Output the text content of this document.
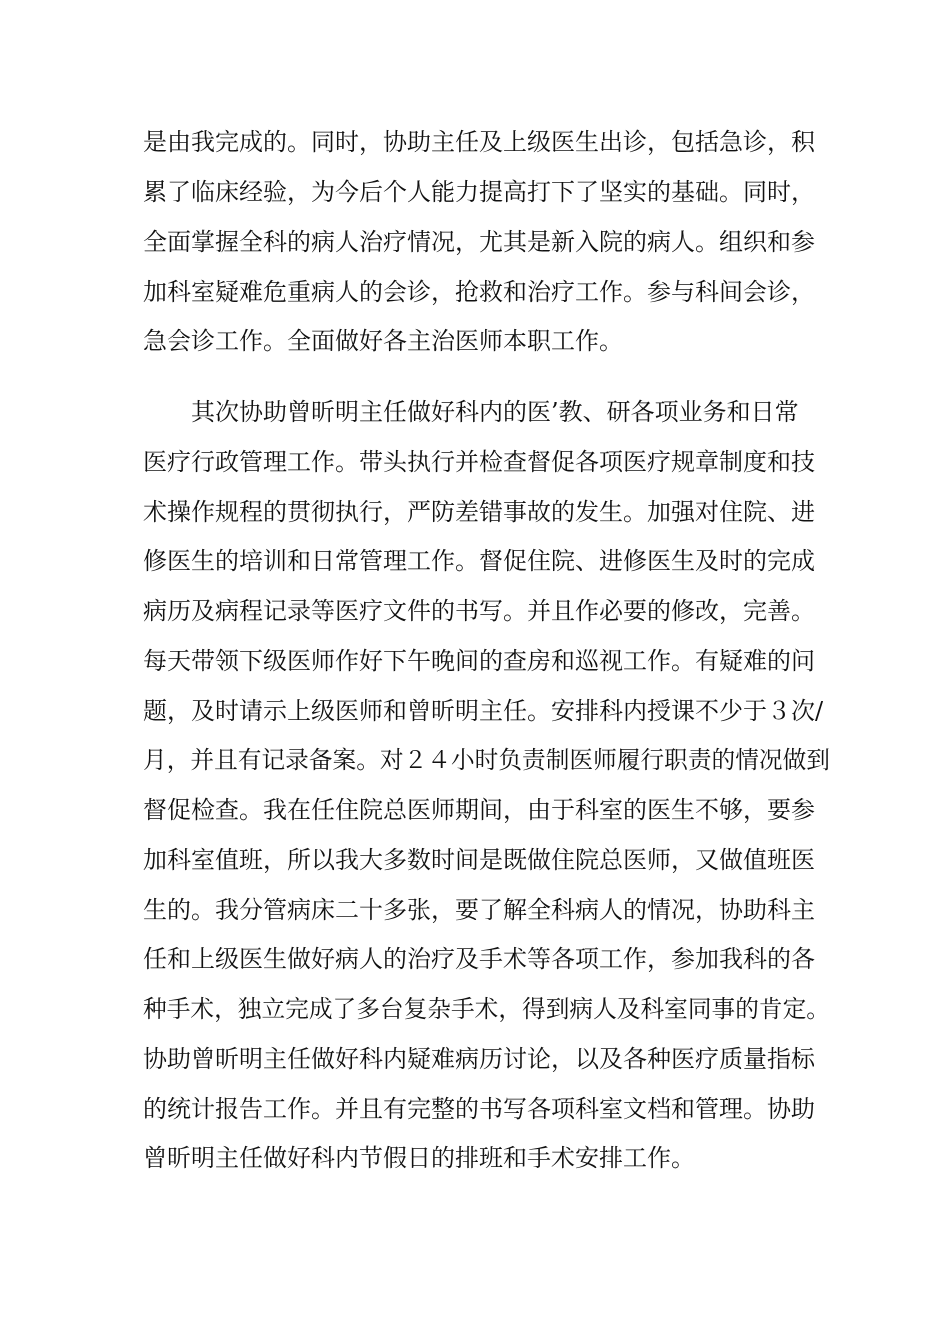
是由我完成的。同时，协助主任及上级医生出诊，包括急诊，积

累了临床经验，为今后个人能力提高打下了坚实的基础。同时，

全面掌握全科的病人治疗情况，尤其是新入院的病人。组织和参

加科室疑难危重病人的会诊，抢救和治疗工作。参与科间会诊，

急会诊工作。全面做好各主治医师本职工作。

其次协助曾昕明主任做好科内的医’教、研各项业务和日常

医疗行政管理工作。带头执行并检查督促各项医疗规章制度和技

术操作规程的贯彻执行，严防差错事故的发生。加强对住院、进

修医生的培训和日常管理工作。督促住院、进修医生及时的完成

病历及病程记录等医疗文件的书写。并且作必要的修改，完善。

每天带领下级医师作好下午晚间的查房和巡视工作。有疑难的问

题，及时请示上级医师和曾昕明主任。安排科内授课不少于３次/

月，并且有记录备案。对２４小时负责制医师履行职责的情况做到

督促检查。我在任住院总医师期间，由于科室的医生不够，要参

加科室值班，所以我大多数时间是既做住院总医师，又做值班医

生的。我分管病床二十多张，要了解全科病人的情况，协助科主

任和上级医生做好病人的治疗及手术等各项工作，参加我科的各

种手术，独立完成了多台复杂手术，得到病人及科室同事的肯定。

协助曾昕明主任做好科内疑难病历讨论，以及各种医疗质量指标

的统计报告工作。并且有完整的书写各项科室文档和管理。协助

曾昕明主任做好科内节假日的排班和手术安排工作。
